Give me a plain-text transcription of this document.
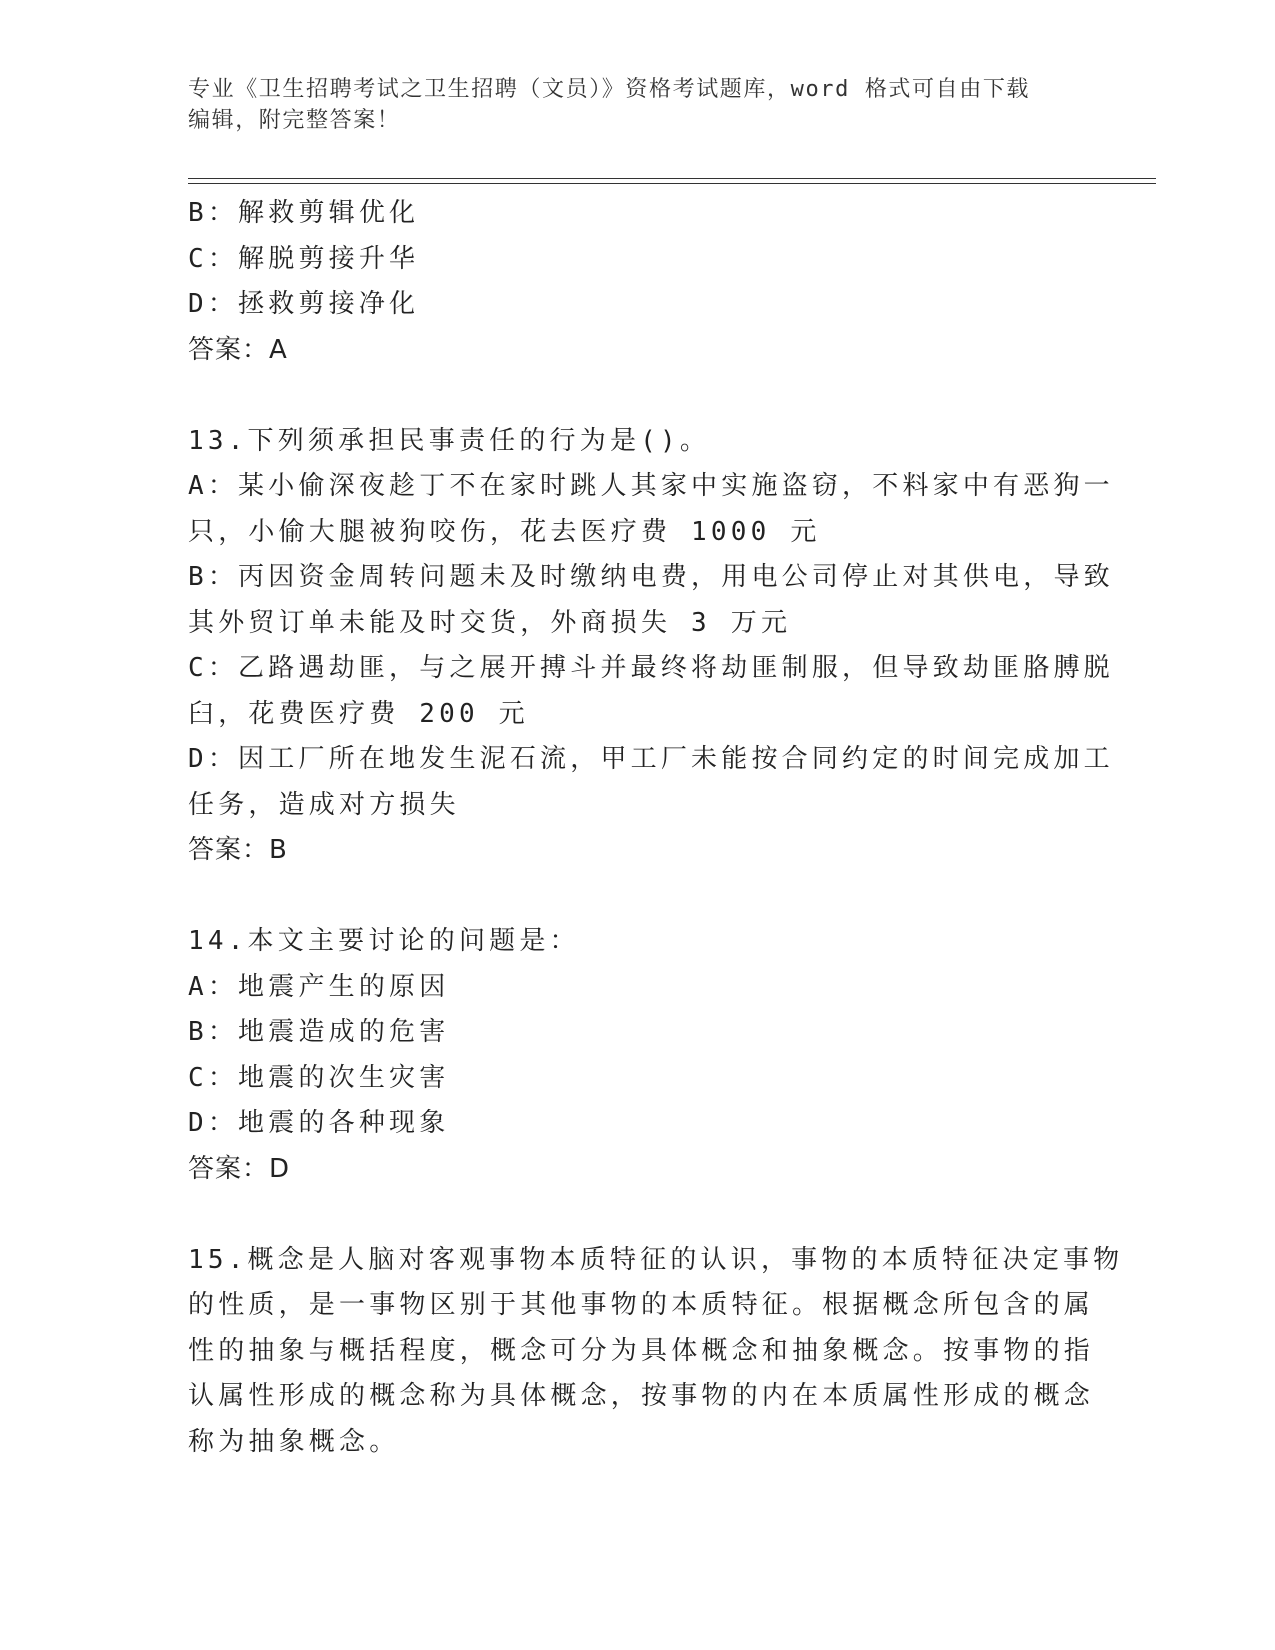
专业《卫生招聘考试之卫生招聘（文员）》资格考试题库，word 格式可自由下载
编辑，附完整答案！
B：解救剪辑优化
C：解脱剪接升华
D：拯救剪接净化
答案：A
13.下列须承担民事责任的行为是()。
A：某小偷深夜趁丁不在家时跳人其家中实施盗窃，不料家中有恶狗一
只，小偷大腿被狗咬伤，花去医疗费 1000 元
B：丙因资金周转问题未及时缴纳电费，用电公司停止对其供电，导致
其外贸订单未能及时交货，外商损失 3 万元
C：乙路遇劫匪，与之展开搏斗并最终将劫匪制服，但导致劫匪胳膊脱
臼，花费医疗费 200 元
D：因工厂所在地发生泥石流，甲工厂未能按合同约定的时间完成加工
任务，造成对方损失
答案：B
14.本文主要讨论的问题是：
A：地震产生的原因
B：地震造成的危害
C：地震的次生灾害
D：地震的各种现象
答案：D
15.概念是人脑对客观事物本质特征的认识，事物的本质特征决定事物
的性质，是一事物区别于其他事物的本质特征。根据概念所包含的属
性的抽象与概括程度，概念可分为具体概念和抽象概念。按事物的指
认属性形成的概念称为具体概念，按事物的内在本质属性形成的概念
称为抽象概念。
